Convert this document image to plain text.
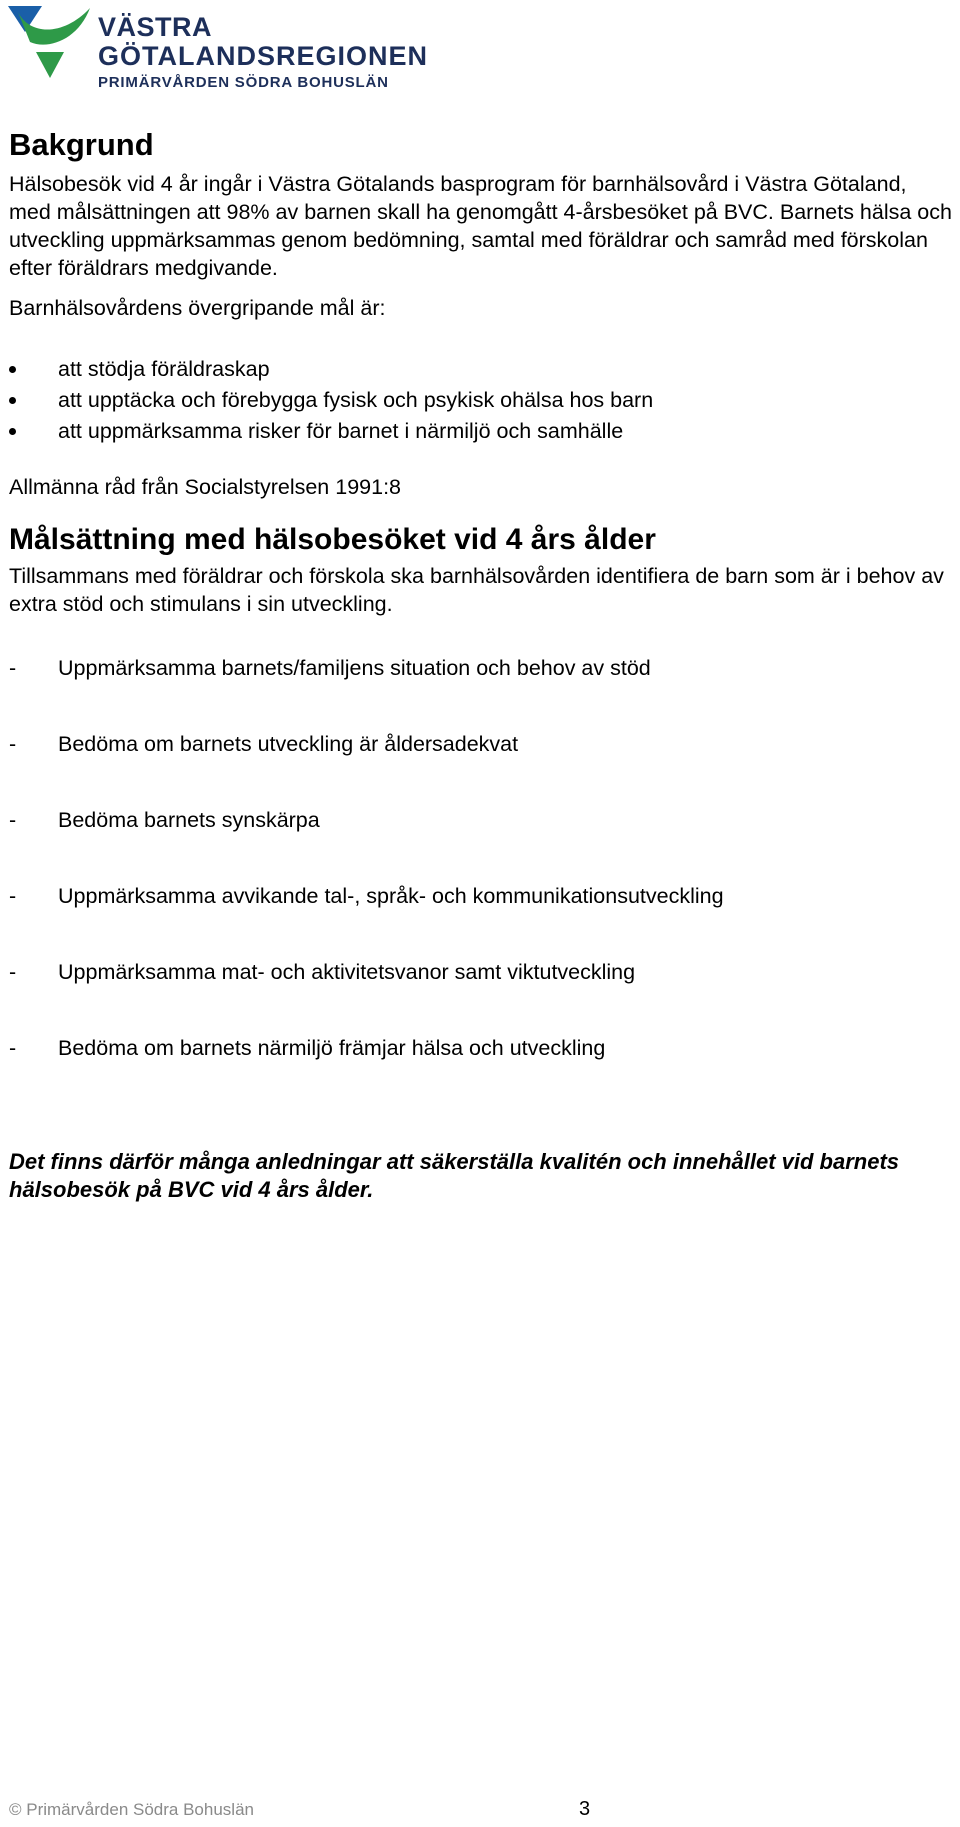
VÄSTRA
GÖTALANDSREGIONEN
PRIMÄRVÅRDEN SÖDRA BOHUSLÄN
Bakgrund

Hälsobesök vid 4 år ingår i Västra Götalands basprogram för barnhälsovård i Västra Götaland, med målsättningen att 98% av barnen skall ha genomgått 4-årsbesöket på BVC. Barnets hälsa och utveckling uppmärksammas genom bedömning, samtal med föräldrar och samråd med förskolan efter föräldrars medgivande.

Barnhälsovårdens övergripande mål är:

att stödja föräldraskap
att upptäcka och förebygga fysisk och psykisk ohälsa hos barn
att uppmärksamma risker för barnet i närmiljö och samhälle

Allmänna råd från Socialstyrelsen 1991:8

Målsättning med hälsobesöket vid 4 års ålder

Tillsammans med föräldrar och förskola ska barnhälsovården identifiera de barn som är i behov av extra stöd och stimulans i sin utveckling.

- Uppmärksamma barnets/familjens situation och behov av stöd
- Bedöma om barnets utveckling är åldersadekvat
- Bedöma barnets synskärpa
- Uppmärksamma avvikande tal-, språk- och kommunikationsutveckling
- Uppmärksamma mat- och aktivitetsvanor samt viktutveckling
- Bedöma om barnets närmiljö främjar hälsa och utveckling

Det finns därför många anledningar att säkerställa kvalitén och innehållet vid barnets hälsobesök på BVC vid 4 års ålder.

© Primärvården Södra Bohuslän	3
